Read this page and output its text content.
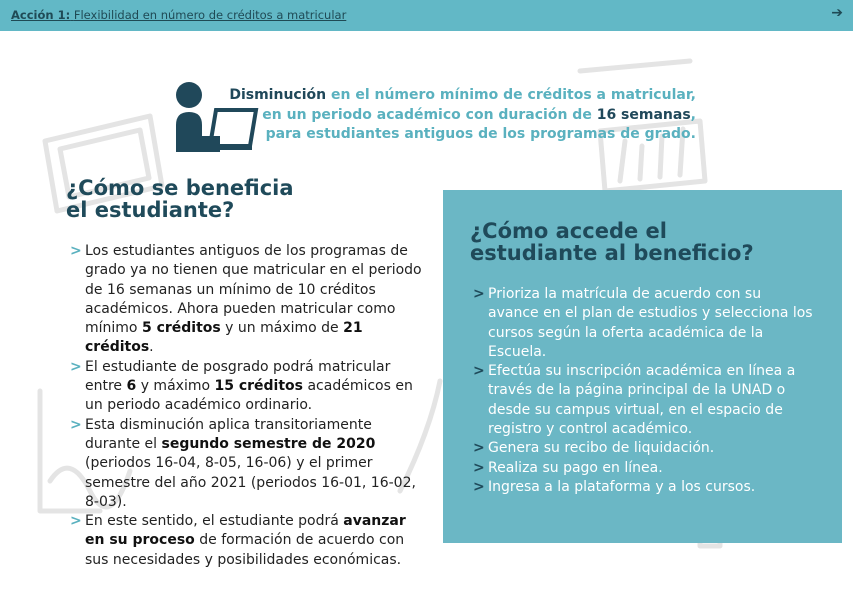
Acción 1: Flexibilidad en número de créditos a matricular	➔
Disminución en el número mínimo de créditos a matricular,
en un periodo académico con duración de 16 semanas,
para estudiantes antiguos de los programas de grado.
¿Cómo se beneficia
el estudiante?
> Los estudiantes antiguos de los programas de grado ya no tienen que matricular en el periodo de 16 semanas un mínimo de 10 créditos académicos. Ahora pueden matricular como mínimo 5 créditos y un máximo de 21 créditos.
> El estudiante de posgrado podrá matricular entre 6 y máximo 15 créditos académicos en un periodo académico ordinario.
> Esta disminución aplica transitoriamente durante el segundo semestre de 2020 (periodos 16-04, 8-05, 16-06) y el primer semestre del año 2021 (periodos 16-01, 16-02, 8-03).
> En este sentido, el estudiante podrá avanzar en su proceso de formación de acuerdo con sus necesidades y posibilidades económicas.
¿Cómo accede el
estudiante al beneficio?
> Prioriza la matrícula de acuerdo con su avance en el plan de estudios y selecciona los cursos según la oferta académica de la Escuela.
> Efectúa su inscripción académica en línea a través de la página principal de la UNAD o desde su campus virtual, en el espacio de registro y control académico.
> Genera su recibo de liquidación.
> Realiza su pago en línea.
> Ingresa a la plataforma y a los cursos.
